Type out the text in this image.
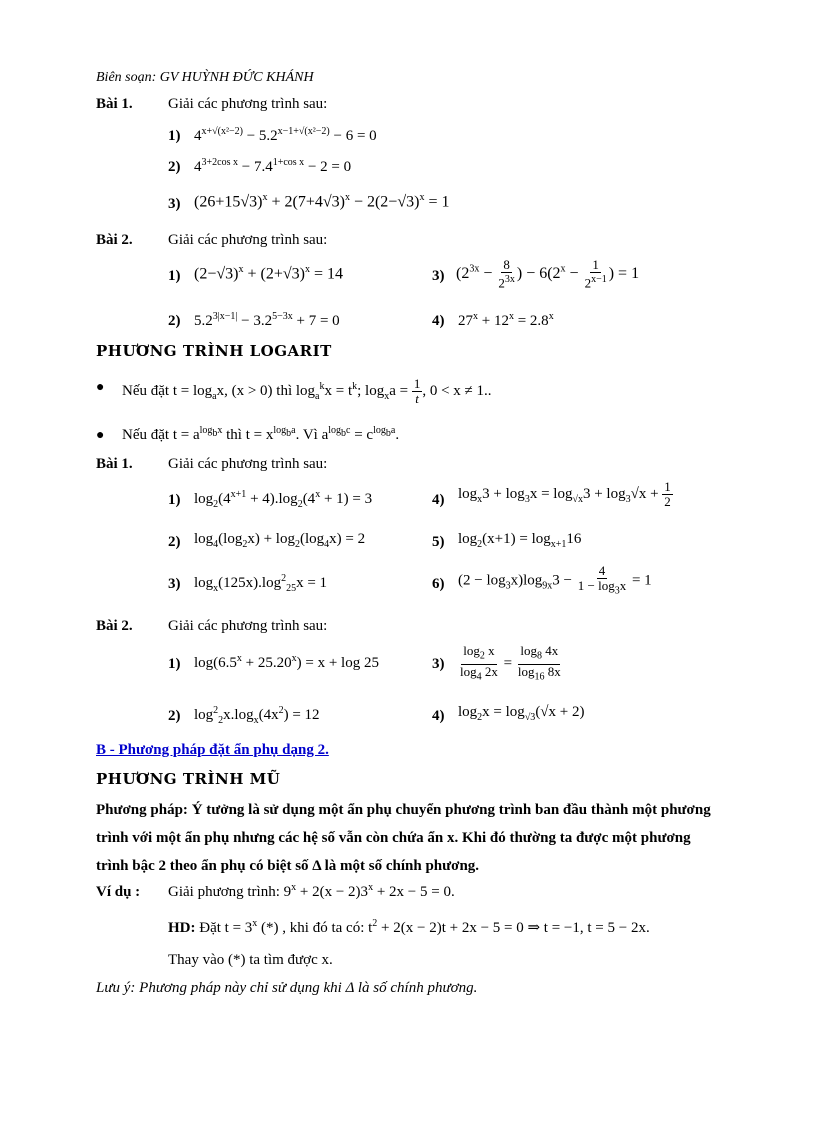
Biên soạn: GV HUỲNH ĐỨC KHÁNH
Bài 1. Giải các phương trình sau:
1) $4^{x+√(x^2-2)} - 5.2^{x-1+√(x^2-2)} - 6 = 0$
2) $4^{3+2cos x} - 7.4^{1+cos x} - 2 = 0$
3) $(26+15√3)^x + 2(7+4√3)^x - 2(2-√3)^x = 1$
Bài 2. Giải các phương trình sau:
1) $(2-√3)^x + (2+√3)^x = 14$	3) ($2^{3x} - \frac{8}{2^{3x}}$ ) − $6(2^x - \frac{1}{2^{x-1}}$ ) = 1
2) $5.2^{3|x-1|} - 3.2^{5-3x} + 7 = 0$	4) $27^x + 12^x = 2.8^x$
PHƯƠNG TRÌNH LOGARIT
● Nếu đặt $t = \log_ax$, (x > 0) thì $\log_a^kx = t^k$; $\log_xa = \frac{1}{t}$ , 0 < x ≠ 1..
● Nếu đặt $t = a^{log_bx}$ thì $t = x^{log_ba}$. Vì $a^{log_bc} = c^{log_ba}$.
Bài 1. Giải các phương trình sau:
1) $\log_2(4^{x+1} + 4).\log_2(4^x + 1) = 3$	4) $\log_x3 + \log_3x = \log_{√x}3 + \log_3√x + \frac{1}{2}$
2) $\log_4(\log_2x) + \log_2(\log_4x) = 2$	5) $\log_2(x+1) = \log_{x+1}16$
3) $\log_x(125x).\log^2_{25}x = 1$	6) $(2 - \log_3x)\log_{9x}3 - \frac{4}{1 - \log_3x} = 1$
Bài 2. Giải các phương trình sau:
1) $\log(6.5^x + 25.20^x) = x + \log 25$	$3) \frac{\log_2 x}{\log_4 2x} = \frac{\log_8 4x}{\log_{16} 8x}$
2) $\log^2_2x.\log_x(4x^2) = 12$	4) $\log_2x = \log_{√3}(√x + 2)$
B - Phương pháp đặt ẩn phụ dạng 2.
PHƯƠNG TRÌNH MŨ
Phương pháp: Ý tưởng là sử dụng một ẩn phụ chuyển phương trình ban đầu thành một phương trình với một ẩn phụ nhưng các hệ số vẫn còn chứa ẩn x. Khi đó thường ta được một phương trình bậc 2 theo ẩn phụ có biệt số Δ là một số chính phương.
Ví dụ : Giải phương trình: $9^x + 2(x - 2)3^x + 2x - 5 = 0$.
HD: Đặt $t = 3^x$ (*) , khi đó ta có: $t^2 + 2(x - 2)t + 2x - 5 = 0$ ⇒ t = −1, t = 5 − 2x.
Thay vào (*) ta tìm được x.
Lưu ý: Phương pháp này chỉ sử dụng khi Δ là số chính phương.
